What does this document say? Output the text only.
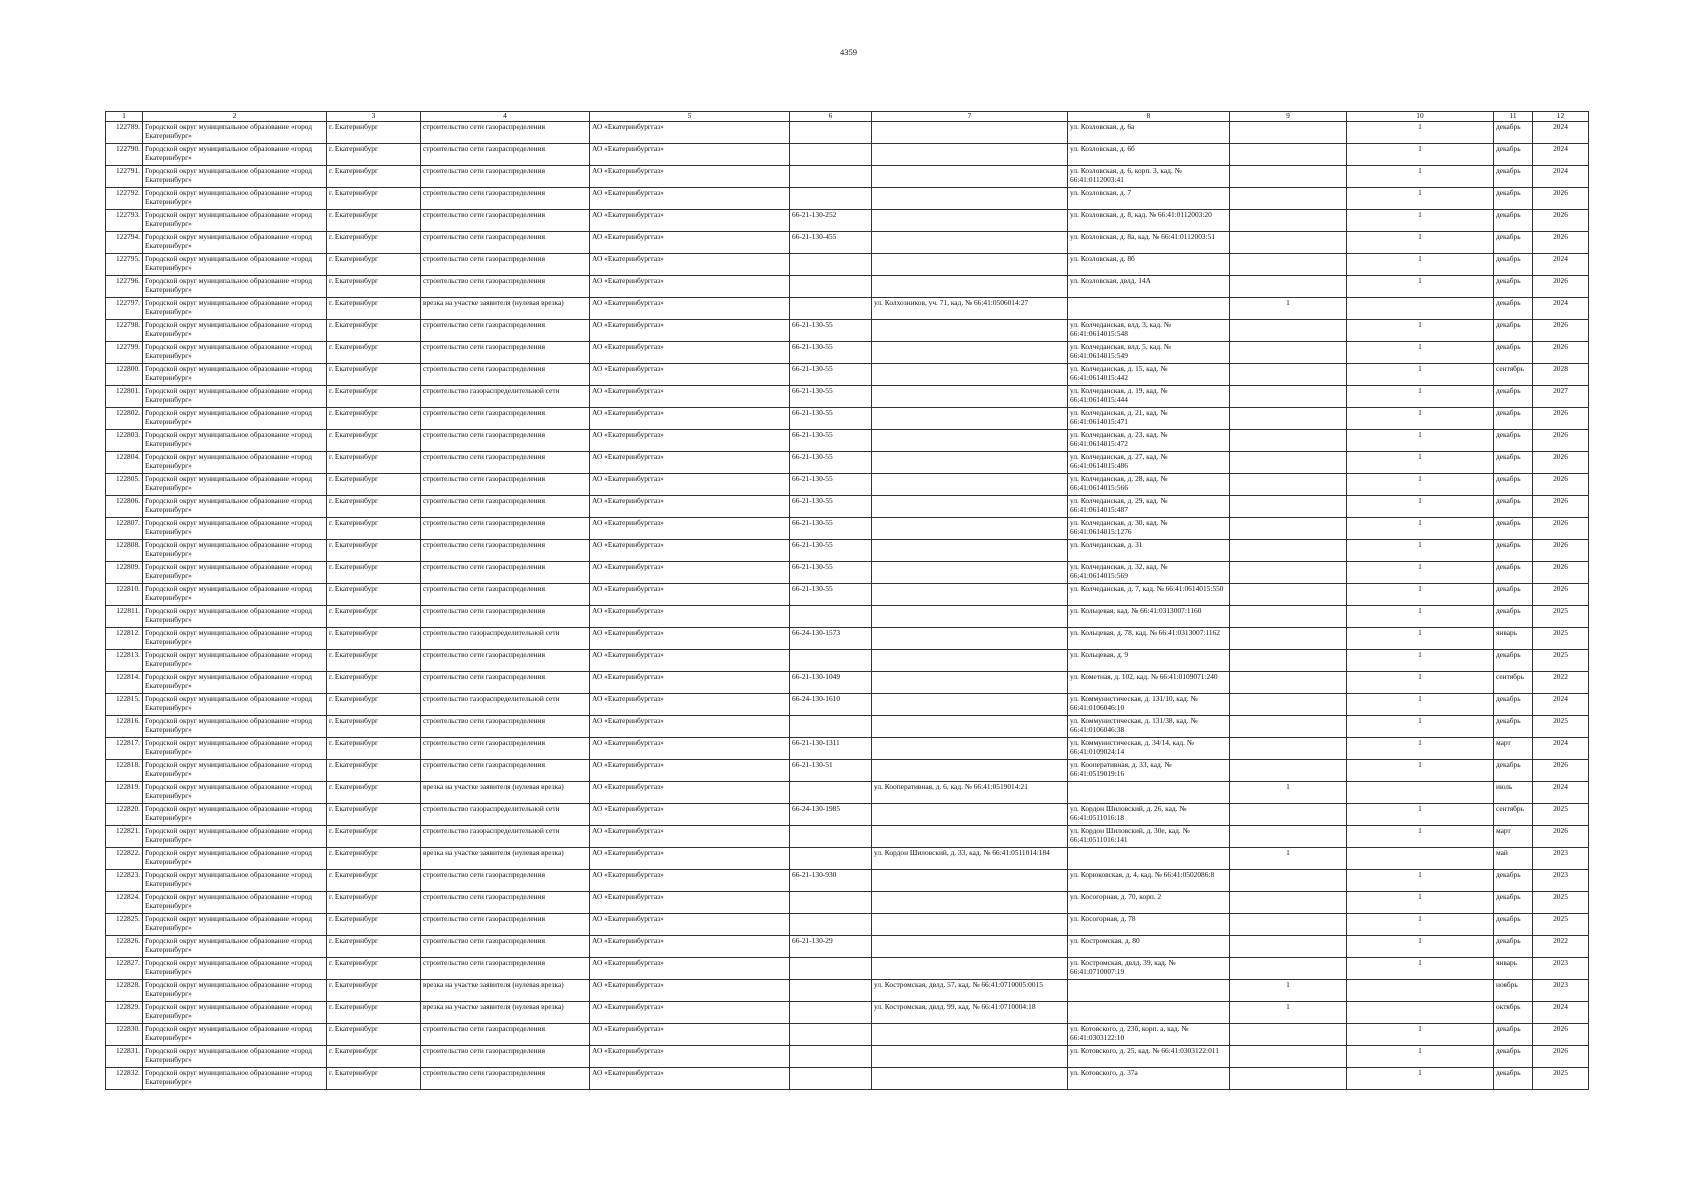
4359
1	2	3	4	5	6	7	8	9	10	11	12
122789.	Городской округ муниципальное образование «город Екатеринбург»	г. Екатеринбург	строительство сети газораспределения	АО «Екатеринбурггаз»			ул. Козловская, д. 6а		1	декабрь	2024
122790.	Городской округ муниципальное образование «город Екатеринбург»	г. Екатеринбург	строительство сети газораспределения	АО «Екатеринбурггаз»			ул. Козловская, д. 6б		1	декабрь	2024
122791.	Городской округ муниципальное образование «город Екатеринбург»	г. Екатеринбург	строительство сети газораспределения	АО «Екатеринбурггаз»			ул. Козловская, д. 6, корп. 3, кад. № 66:41:0112003:41		1	декабрь	2024
122792.	Городской округ муниципальное образование «город Екатеринбург»	г. Екатеринбург	строительство сети газораспределения	АО «Екатеринбурггаз»			ул. Козловская, д. 7		1	декабрь	2026
122793.	Городской округ муниципальное образование «город Екатеринбург»	г. Екатеринбург	строительство сети газораспределения	АО «Екатеринбурггаз»	66-21-130-252		ул. Козловская, д. 8, кад. № 66:41:0112003:20		1	декабрь	2026
122794.	Городской округ муниципальное образование «город Екатеринбург»	г. Екатеринбург	строительство сети газораспределения	АО «Екатеринбурггаз»	66-21-130-455		ул. Козловская, д. 8а, кад. № 66:41:0112003:51		1	декабрь	2026
122795.	Городской округ муниципальное образование «город Екатеринбург»	г. Екатеринбург	строительство сети газораспределения	АО «Екатеринбурггаз»			ул. Козловская, д. 8б		1	декабрь	2024
122796.	Городской округ муниципальное образование «город Екатеринбург»	г. Екатеринбург	строительство сети газораспределения	АО «Екатеринбурггаз»			ул. Козловская, двлд. 14А		1	декабрь	2026
122797.	Городской округ муниципальное образование «город Екатеринбург»	г. Екатеринбург	врезка на участке заявителя (нулевая врезка)	АО «Екатеринбурггаз»		ул. Колхозников, уч. 71, кад. № 66:41:0506014:27		1		декабрь	2024
122798.	Городской округ муниципальное образование «город Екатеринбург»	г. Екатеринбург	строительство сети газораспределения	АО «Екатеринбурггаз»	66-21-130-55		ул. Колчеданская, влд. 3, кад. № 66:41:0614015:548		1	декабрь	2026
122799.	Городской округ муниципальное образование «город Екатеринбург»	г. Екатеринбург	строительство сети газораспределения	АО «Екатеринбурггаз»	66-21-130-55		ул. Колчеданская, влд. 5, кад. № 66:41:0614015:549		1	декабрь	2026
122800.	Городской округ муниципальное образование «город Екатеринбург»	г. Екатеринбург	строительство сети газораспределения	АО «Екатеринбурггаз»	66-21-130-55		ул. Колчеданская, д. 15, кад. № 66:41:0614015:442		1	сентябрь	2028
122801.	Городской округ муниципальное образование «город Екатеринбург»	г. Екатеринбург	строительство газораспределительной сети	АО «Екатеринбурггаз»	66-21-130-55		ул. Колчеданская, д. 19, кад. № 66:41:0614015:444		1	декабрь	2027
122802.	Городской округ муниципальное образование «город Екатеринбург»	г. Екатеринбург	строительство сети газораспределения	АО «Екатеринбурггаз»	66-21-130-55		ул. Колчеданская, д. 21, кад. № 66:41:0614015:471		1	декабрь	2026
122803.	Городской округ муниципальное образование «город Екатеринбург»	г. Екатеринбург	строительство сети газораспределения	АО «Екатеринбурггаз»	66-21-130-55		ул. Колчеданская, д. 23, кад. № 66:41:0614015:472		1	декабрь	2026
122804.	Городской округ муниципальное образование «город Екатеринбург»	г. Екатеринбург	строительство сети газораспределения	АО «Екатеринбурггаз»	66-21-130-55		ул. Колчеданская, д. 27, кад. № 66:41:0614015:486		1	декабрь	2026
122805.	Городской округ муниципальное образование «город Екатеринбург»	г. Екатеринбург	строительство сети газораспределения	АО «Екатеринбурггаз»	66-21-130-55		ул. Колчеданская, д. 28, кад. № 66:41:0614015:566		1	декабрь	2026
122806.	Городской округ муниципальное образование «город Екатеринбург»	г. Екатеринбург	строительство сети газораспределения	АО «Екатеринбурггаз»	66-21-130-55		ул. Колчеданская, д. 29, кад. № 66:41:0614015:487		1	декабрь	2026
122807.	Городской округ муниципальное образование «город Екатеринбург»	г. Екатеринбург	строительство сети газораспределения	АО «Екатеринбурггаз»	66-21-130-55		ул. Колчеданская, д. 30, кад. № 66:41:0614015:1276		1	декабрь	2026
122808.	Городской округ муниципальное образование «город Екатеринбург»	г. Екатеринбург	строительство сети газораспределения	АО «Екатеринбурггаз»	66-21-130-55		ул. Колчеданская, д. 31		1	декабрь	2026
122809.	Городской округ муниципальное образование «город Екатеринбург»	г. Екатеринбург	строительство сети газораспределения	АО «Екатеринбурггаз»	66-21-130-55		ул. Колчеданская, д. 32, кад. № 66:41:0614015:569		1	декабрь	2026
122810.	Городской округ муниципальное образование «город Екатеринбург»	г. Екатеринбург	строительство сети газораспределения	АО «Екатеринбурггаз»	66-21-130-55		ул. Колчеданская, д. 7, кад. № 66:41:0614015:550		1	декабрь	2026
122811.	Городской округ муниципальное образование «город Екатеринбург»	г. Екатеринбург	строительство сети газораспределения	АО «Екатеринбурггаз»			ул. Кольцевая, кад. № 66:41:0313007:1160		1	декабрь	2025
122812.	Городской округ муниципальное образование «город Екатеринбург»	г. Екатеринбург	строительство газораспределительной сети	АО «Екатеринбурггаз»	66-24-130-1573		ул. Кольцевая, д. 78, кад. № 66:41:0313007:1162		1	январь	2025
122813.	Городской округ муниципальное образование «город Екатеринбург»	г. Екатеринбург	строительство сети газораспределения	АО «Екатеринбурггаз»			ул. Кольцевая, д. 9		1	декабрь	2025
122814.	Городской округ муниципальное образование «город Екатеринбург»	г. Екатеринбург	строительство сети газораспределения	АО «Екатеринбурггаз»	66-21-130-1049		ул. Кометная, д. 102, кад. № 66:41:0109071:240		1	сентябрь	2022
122815.	Городской округ муниципальное образование «город Екатеринбург»	г. Екатеринбург	строительство газораспределительной сети	АО «Екатеринбурггаз»	66-24-130-1610		ул. Коммунистическая, д. 131/10, кад. № 66:41:0106046:10		1	декабрь	2024
122816.	Городской округ муниципальное образование «город Екатеринбург»	г. Екатеринбург	строительство сети газораспределения	АО «Екатеринбурггаз»			ул. Коммунистическая, д. 131/38, кад. № 66:41:0106046:38		1	декабрь	2025
122817.	Городской округ муниципальное образование «город Екатеринбург»	г. Екатеринбург	строительство сети газораспределения	АО «Екатеринбурггаз»	66-21-130-1311		ул. Коммунистическая, д. 34/14, кад. № 66:41:0109024:14		1	март	2024
122818.	Городской округ муниципальное образование «город Екатеринбург»	г. Екатеринбург	строительство сети газораспределения	АО «Екатеринбурггаз»	66-21-130-51		ул. Кооперативная, д. 33, кад. № 66:41:0519019:16		1	декабрь	2026
122819.	Городской округ муниципальное образование «город Екатеринбург»	г. Екатеринбург	врезка на участке заявителя (нулевая врезка)	АО «Екатеринбурггаз»		ул. Кооперативная, д. 6, кад. № 66:41:0519014:21		1		июль	2024
122820.	Городской округ муниципальное образование «город Екатеринбург»	г. Екатеринбург	строительство газораспределительной сети	АО «Екатеринбурггаз»	66-24-130-1985		ул. Кордон Шиловский, д. 26, кад. № 66:41:0511016:18		1	сентябрь	2025
122821.	Городской округ муниципальное образование «город Екатеринбург»	г. Екатеринбург	строительство газораспределительной сети	АО «Екатеринбурггаз»			ул. Кордон Шиловский, д. 30е, кад. № 66:41:0511016:141		1	март	2026
122822.	Городской округ муниципальное образование «город Екатеринбург»	г. Екатеринбург	врезка на участке заявителя (нулевая врезка)	АО «Екатеринбурггаз»		ул. Кордон Шиловский, д. 33, кад. № 66:41:0511014:184		1		май	2023
122823.	Городской округ муниципальное образование «город Екатеринбург»	г. Екатеринбург	строительство сети газораспределения	АО «Екатеринбурггаз»	66-21-130-930		ул. Корюковская, д. 4, кад. № 66:41:0502086:8		1	декабрь	2023
122824.	Городской округ муниципальное образование «город Екатеринбург»	г. Екатеринбург	строительство сети газораспределения	АО «Екатеринбурггаз»			ул. Косогорная, д. 70, корп. 2		1	декабрь	2025
122825.	Городской округ муниципальное образование «город Екатеринбург»	г. Екатеринбург	строительство сети газораспределения	АО «Екатеринбурггаз»			ул. Косогорная, д. 78		1	декабрь	2025
122826.	Городской округ муниципальное образование «город Екатеринбург»	г. Екатеринбург	строительство сети газораспределения	АО «Екатеринбурггаз»	66-21-130-29		ул. Костромская, д. 80		1	декабрь	2022
122827.	Городской округ муниципальное образование «город Екатеринбург»	г. Екатеринбург	строительство сети газораспределения	АО «Екатеринбурггаз»			ул. Костромская, двлд. 39, кад. № 66:41:0710007:19		1	январь	2023
122828.	Городской округ муниципальное образование «город Екатеринбург»	г. Екатеринбург	врезка на участке заявителя (нулевая врезка)	АО «Екатеринбурггаз»		ул. Костромская, двлд. 57, кад. № 66:41:0710005:0015		1		ноябрь	2023
122829.	Городской округ муниципальное образование «город Екатеринбург»	г. Екатеринбург	врезка на участке заявителя (нулевая врезка)	АО «Екатеринбурггаз»		ул. Костромская, двлд. 99, кад. № 66:41:0710004:18		1		октябрь	2024
122830.	Городской округ муниципальное образование «город Екатеринбург»	г. Екатеринбург	строительство сети газораспределения	АО «Екатеринбурггаз»			ул. Котовского, д. 23б, корп. а, кад. № 66:41:0303122:10		1	декабрь	2026
122831.	Городской округ муниципальное образование «город Екатеринбург»	г. Екатеринбург	строительство сети газораспределения	АО «Екатеринбурггаз»			ул. Котовского, д. 25, кад. № 66:41:0303122:011		1	декабрь	2026
122832.	Городской округ муниципальное образование «город Екатеринбург»	г. Екатеринбург	строительство сети газораспределения	АО «Екатеринбурггаз»			ул. Котовского, д. 37а		1	декабрь	2025
